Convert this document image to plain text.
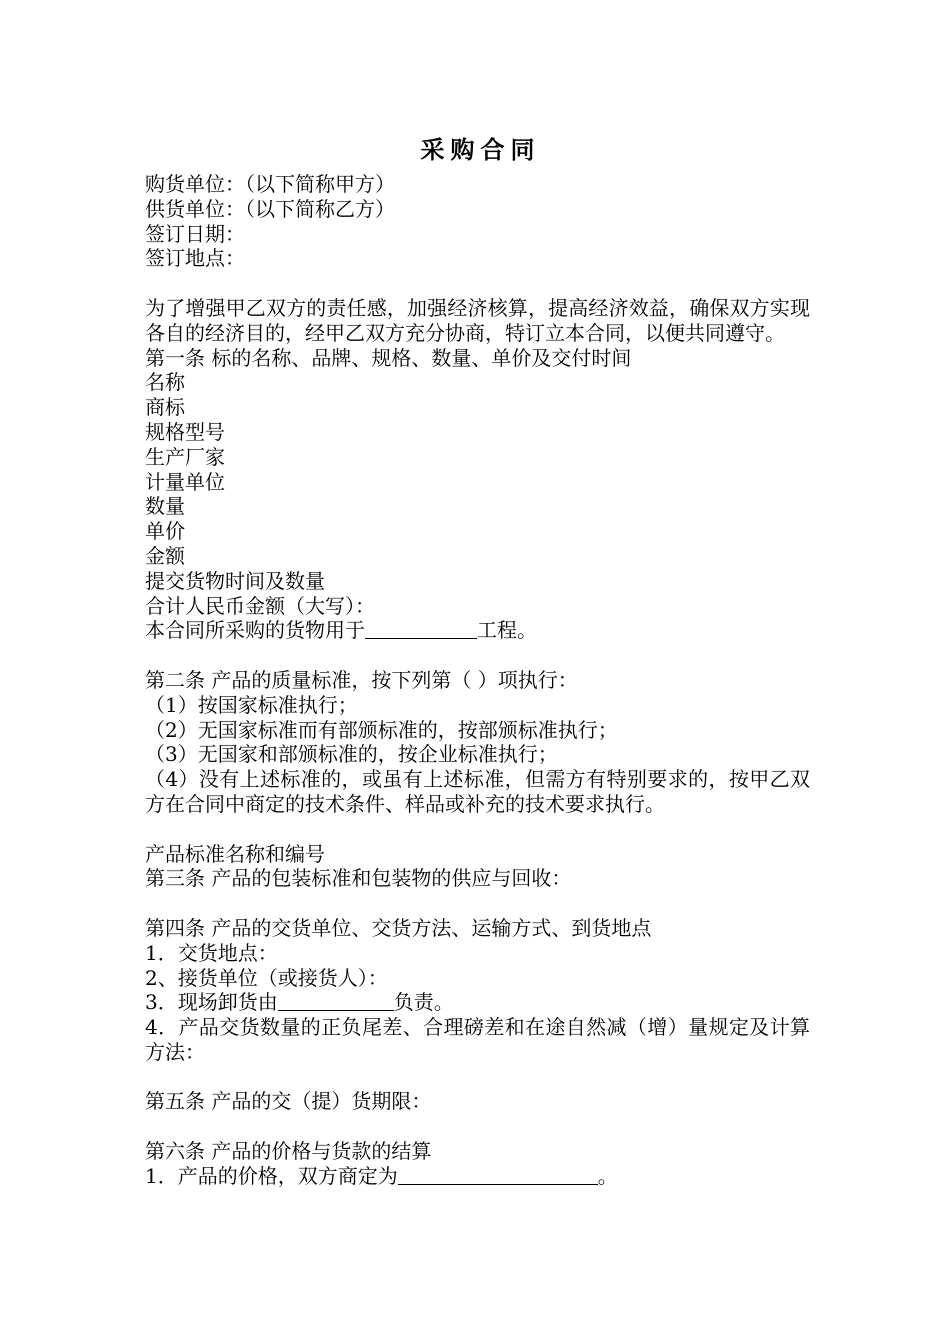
采购合同
购货单位：（以下简称甲方）
供货单位：（以下简称乙方）
签订日期：
签订地点：
为了增强甲乙双方的责任感，加强经济核算，提高经济效益，确保双方实现各自的经济目的，经甲乙双方充分协商，特订立本合同，以便共同遵守。
第一条 标的名称、品牌、规格、数量、单价及交付时间
名称
商标
规格型号
生产厂家
计量单位
数量
单价
金额
提交货物时间及数量
合计人民币金额（大写）：
本合同所采购的货物用于	工程。
第二条 产品的质量标准，按下列第（ ）项执行：
（1）按国家标准执行；
（2）无国家标准而有部颁标准的，按部颁标准执行；
（3）无国家和部颁标准的，按企业标准执行；
（4）没有上述标准的，或虽有上述标准，但需方有特别要求的，按甲乙双方在合同中商定的技术条件、样品或补充的技术要求执行。
产品标准名称和编号
第三条 产品的包装标准和包装物的供应与回收：
第四条 产品的交货单位、交货方法、运输方式、到货地点
1．交货地点：
2、接货单位（或接货人）：
3．现场卸货由	负责。
4．产品交货数量的正负尾差、合理磅差和在途自然减（增）量规定及计算方法：
第五条 产品的交（提）货期限：
第六条 产品的价格与货款的结算
1．产品的价格，双方商定为	。
